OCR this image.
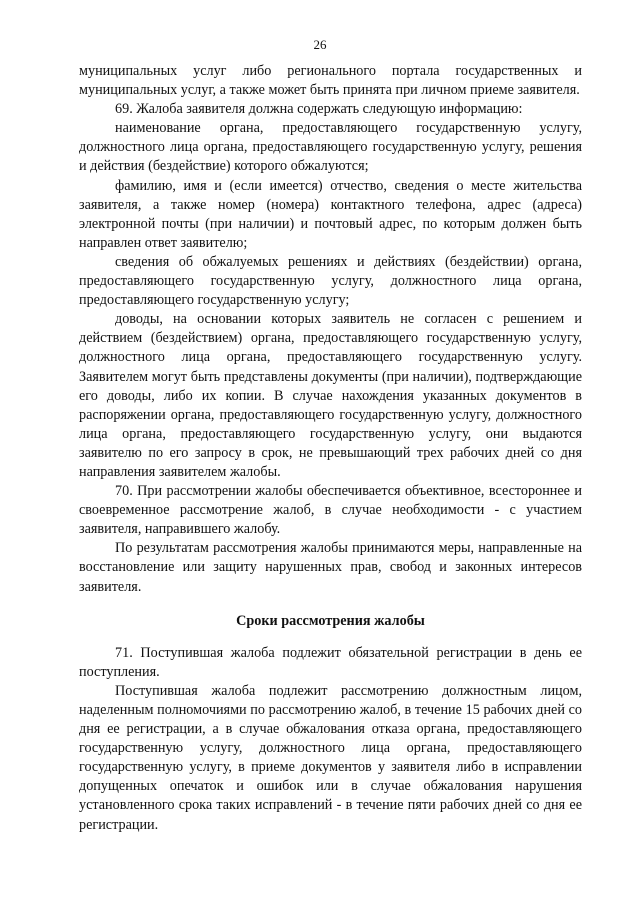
26

муниципальных услуг либо регионального портала государственных и муниципальных услуг, а также может быть принята при личном приеме заявителя.

69. Жалоба заявителя должна содержать следующую информацию:

наименование органа, предоставляющего государственную услугу, должностного лица органа, предоставляющего государственную услугу, решения и действия (бездействие) которого обжалуются;

фамилию, имя и (если имеется) отчество, сведения о месте жительства заявителя, а также номер (номера) контактного телефона, адрес (адреса) электронной почты (при наличии) и почтовый адрес, по которым должен быть направлен ответ заявителю;

сведения об обжалуемых решениях и действиях (бездействии) органа, предоставляющего государственную услугу, должностного лица органа, предоставляющего государственную услугу;

доводы, на основании которых заявитель не согласен с решением и действием (бездействием) органа, предоставляющего государственную услугу, должностного лица органа, предоставляющего государственную услугу. Заявителем могут быть представлены документы (при наличии), подтверждающие его доводы, либо их копии. В случае нахождения указанных документов в распоряжении органа, предоставляющего государственную услугу, должностного лица органа, предоставляющего государственную услугу, они выдаются заявителю по его запросу в срок, не превышающий трех рабочих дней со дня направления заявителем жалобы.

70. При рассмотрении жалобы обеспечивается объективное, всестороннее и своевременное рассмотрение жалоб, в случае необходимости - с участием заявителя, направившего жалобу.

По результатам рассмотрения жалобы принимаются меры, направленные на восстановление или защиту нарушенных прав, свобод и законных интересов заявителя.

Сроки рассмотрения жалобы

71. Поступившая жалоба подлежит обязательной регистрации в день ее поступления.

Поступившая жалоба подлежит рассмотрению должностным лицом, наделенным полномочиями по рассмотрению жалоб, в течение 15 рабочих дней со дня ее регистрации, а в случае обжалования отказа органа, предоставляющего государственную услугу, должностного лица органа, предоставляющего государственную услугу, в приеме документов у заявителя либо в исправлении допущенных опечаток и ошибок или в случае обжалования нарушения установленного срока таких исправлений - в течение пяти рабочих дней со дня ее регистрации.
